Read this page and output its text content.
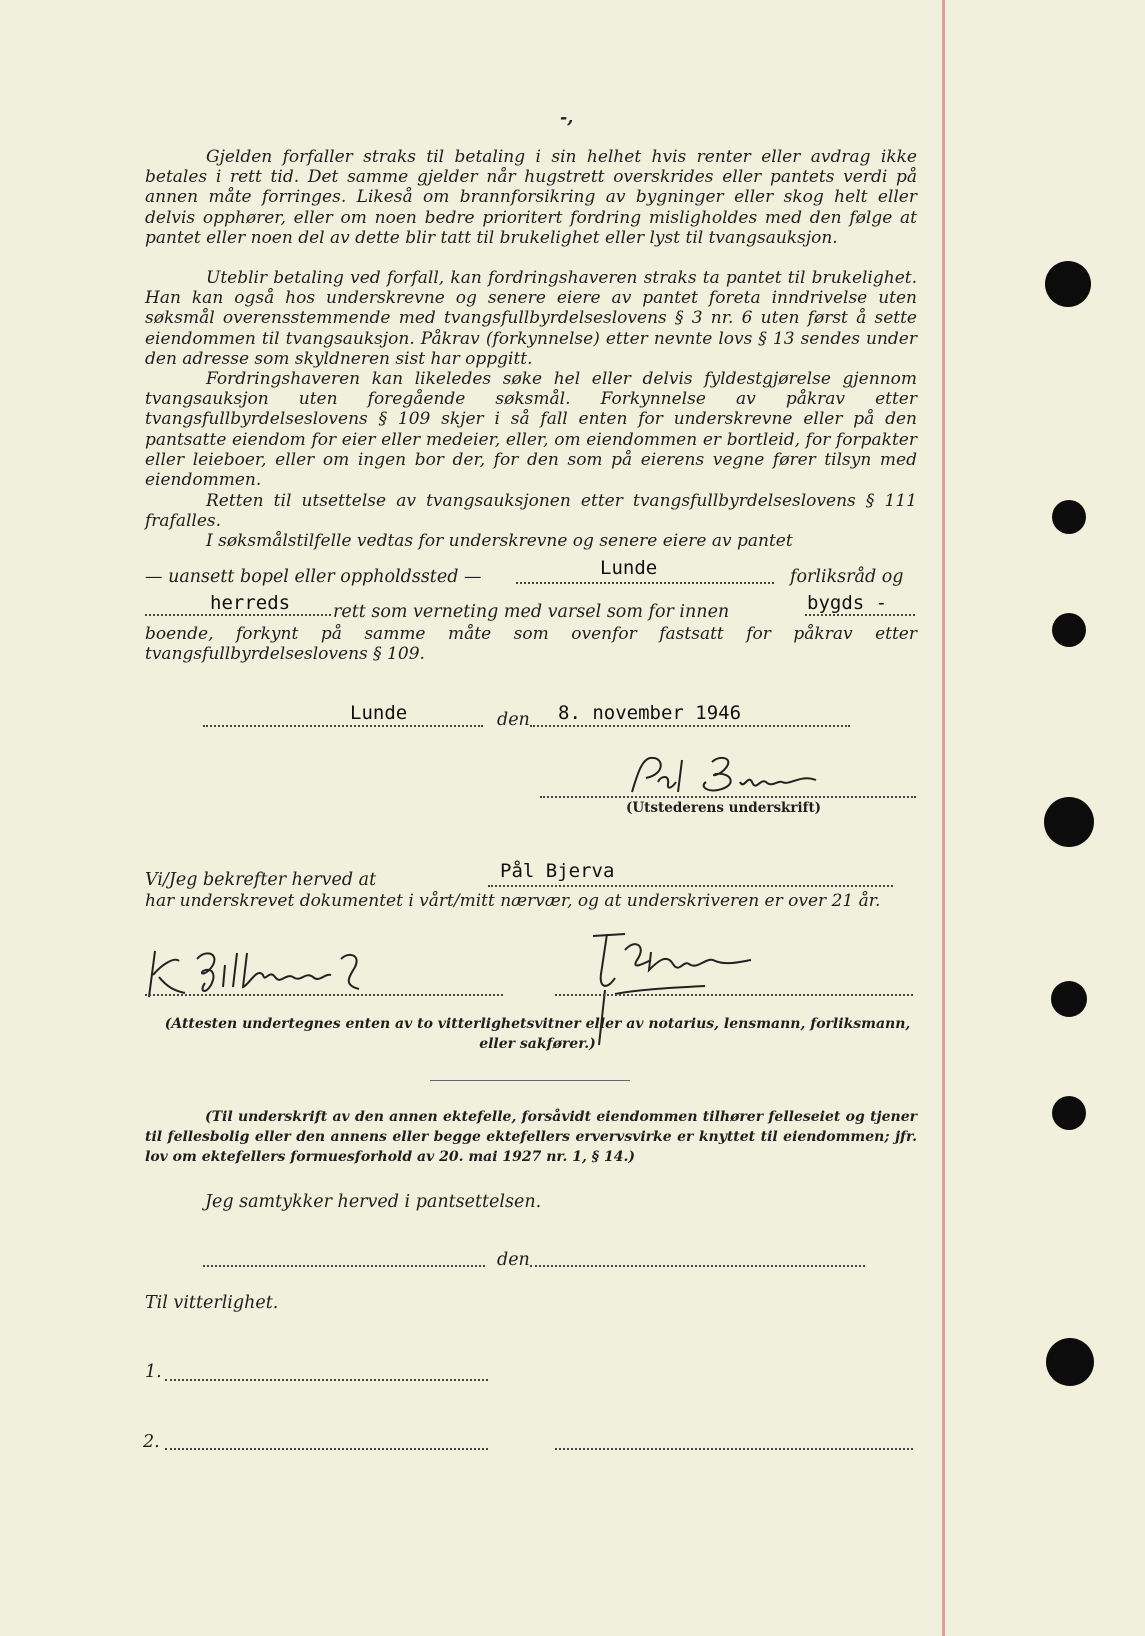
-,

Gjelden forfaller straks til betaling i sin helhet hvis renter eller avdrag ikke betales i rett tid. Det samme gjelder når hugstrett overskrides eller pantets verdi på annen måte forringes. Likeså om brannforsikring av bygninger eller skog helt eller delvis opphører, eller om noen bedre prioritert fordring misligholdes med den følge at pantet eller noen del av dette blir tatt til brukelighet eller lyst til tvangsauksjon.

Uteblir betaling ved forfall, kan fordringshaveren straks ta pantet til brukelighet. Han kan også hos underskrevne og senere eiere av pantet foreta inndrivelse uten søksmål overensstemmende med tvangsfullbyrdelseslovens § 3 nr. 6 uten først å sette eiendommen til tvangsauksjon. Påkrav (forkynnelse) etter nevnte lovs § 13 sendes under den adresse som skyldneren sist har oppgitt.

Fordringshaveren kan likeledes søke hel eller delvis fyldestgjørelse gjennom tvangsauksjon uten foregående søksmål. Forkynnelse av påkrav etter tvangsfullbyrdelseslovens § 109 skjer i så fall enten for underskrevne eller på den pantsatte eiendom for eier eller medeier, eller, om eiendommen er bortleid, for forpakter eller leieboer, eller om ingen bor der, for den som på eierens vegne fører tilsyn med eiendommen.

Retten til utsettelse av tvangsauksjonen etter tvangsfullbyrdelseslovens § 111 frafalles.

I søksmålstilfelle vedtas for underskrevne og senere eiere av pantet

— uansett bopel eller oppholdssted —	Lunde	forliksråd og
herreds rett som verneting med varsel som for innen	bygds -

boende, forkynt på samme måte som ovenfor fastsatt for påkrav etter tvangsfullbyrdelseslovens § 109.

Lunde	den 8. november 1946
(Utstederens underskrift)
Vi/Jeg bekrefter herved at	Pål Bjerva

har underskrevet dokumentet i vårt/mitt nærvær, og at underskriveren er over 21 år.

(Attesten undertegnes enten av to vitterlighetsvitner eller av notarius, lensmann, forliksmann, eller sakfører.)

(Til underskrift av den annen ektefelle, forsåvidt eiendommen tilhører felleseiet og tjener til fellesbolig eller den annens eller begge ektefellers ervervsvirke er knyttet til eiendommen; jfr. lov om ektefellers formuesforhold av 20. mai 1927 nr. 1, § 14.)

Jeg samtykker herved i pantsettelsen.
den
Til vitterlighet.
1.
2.
